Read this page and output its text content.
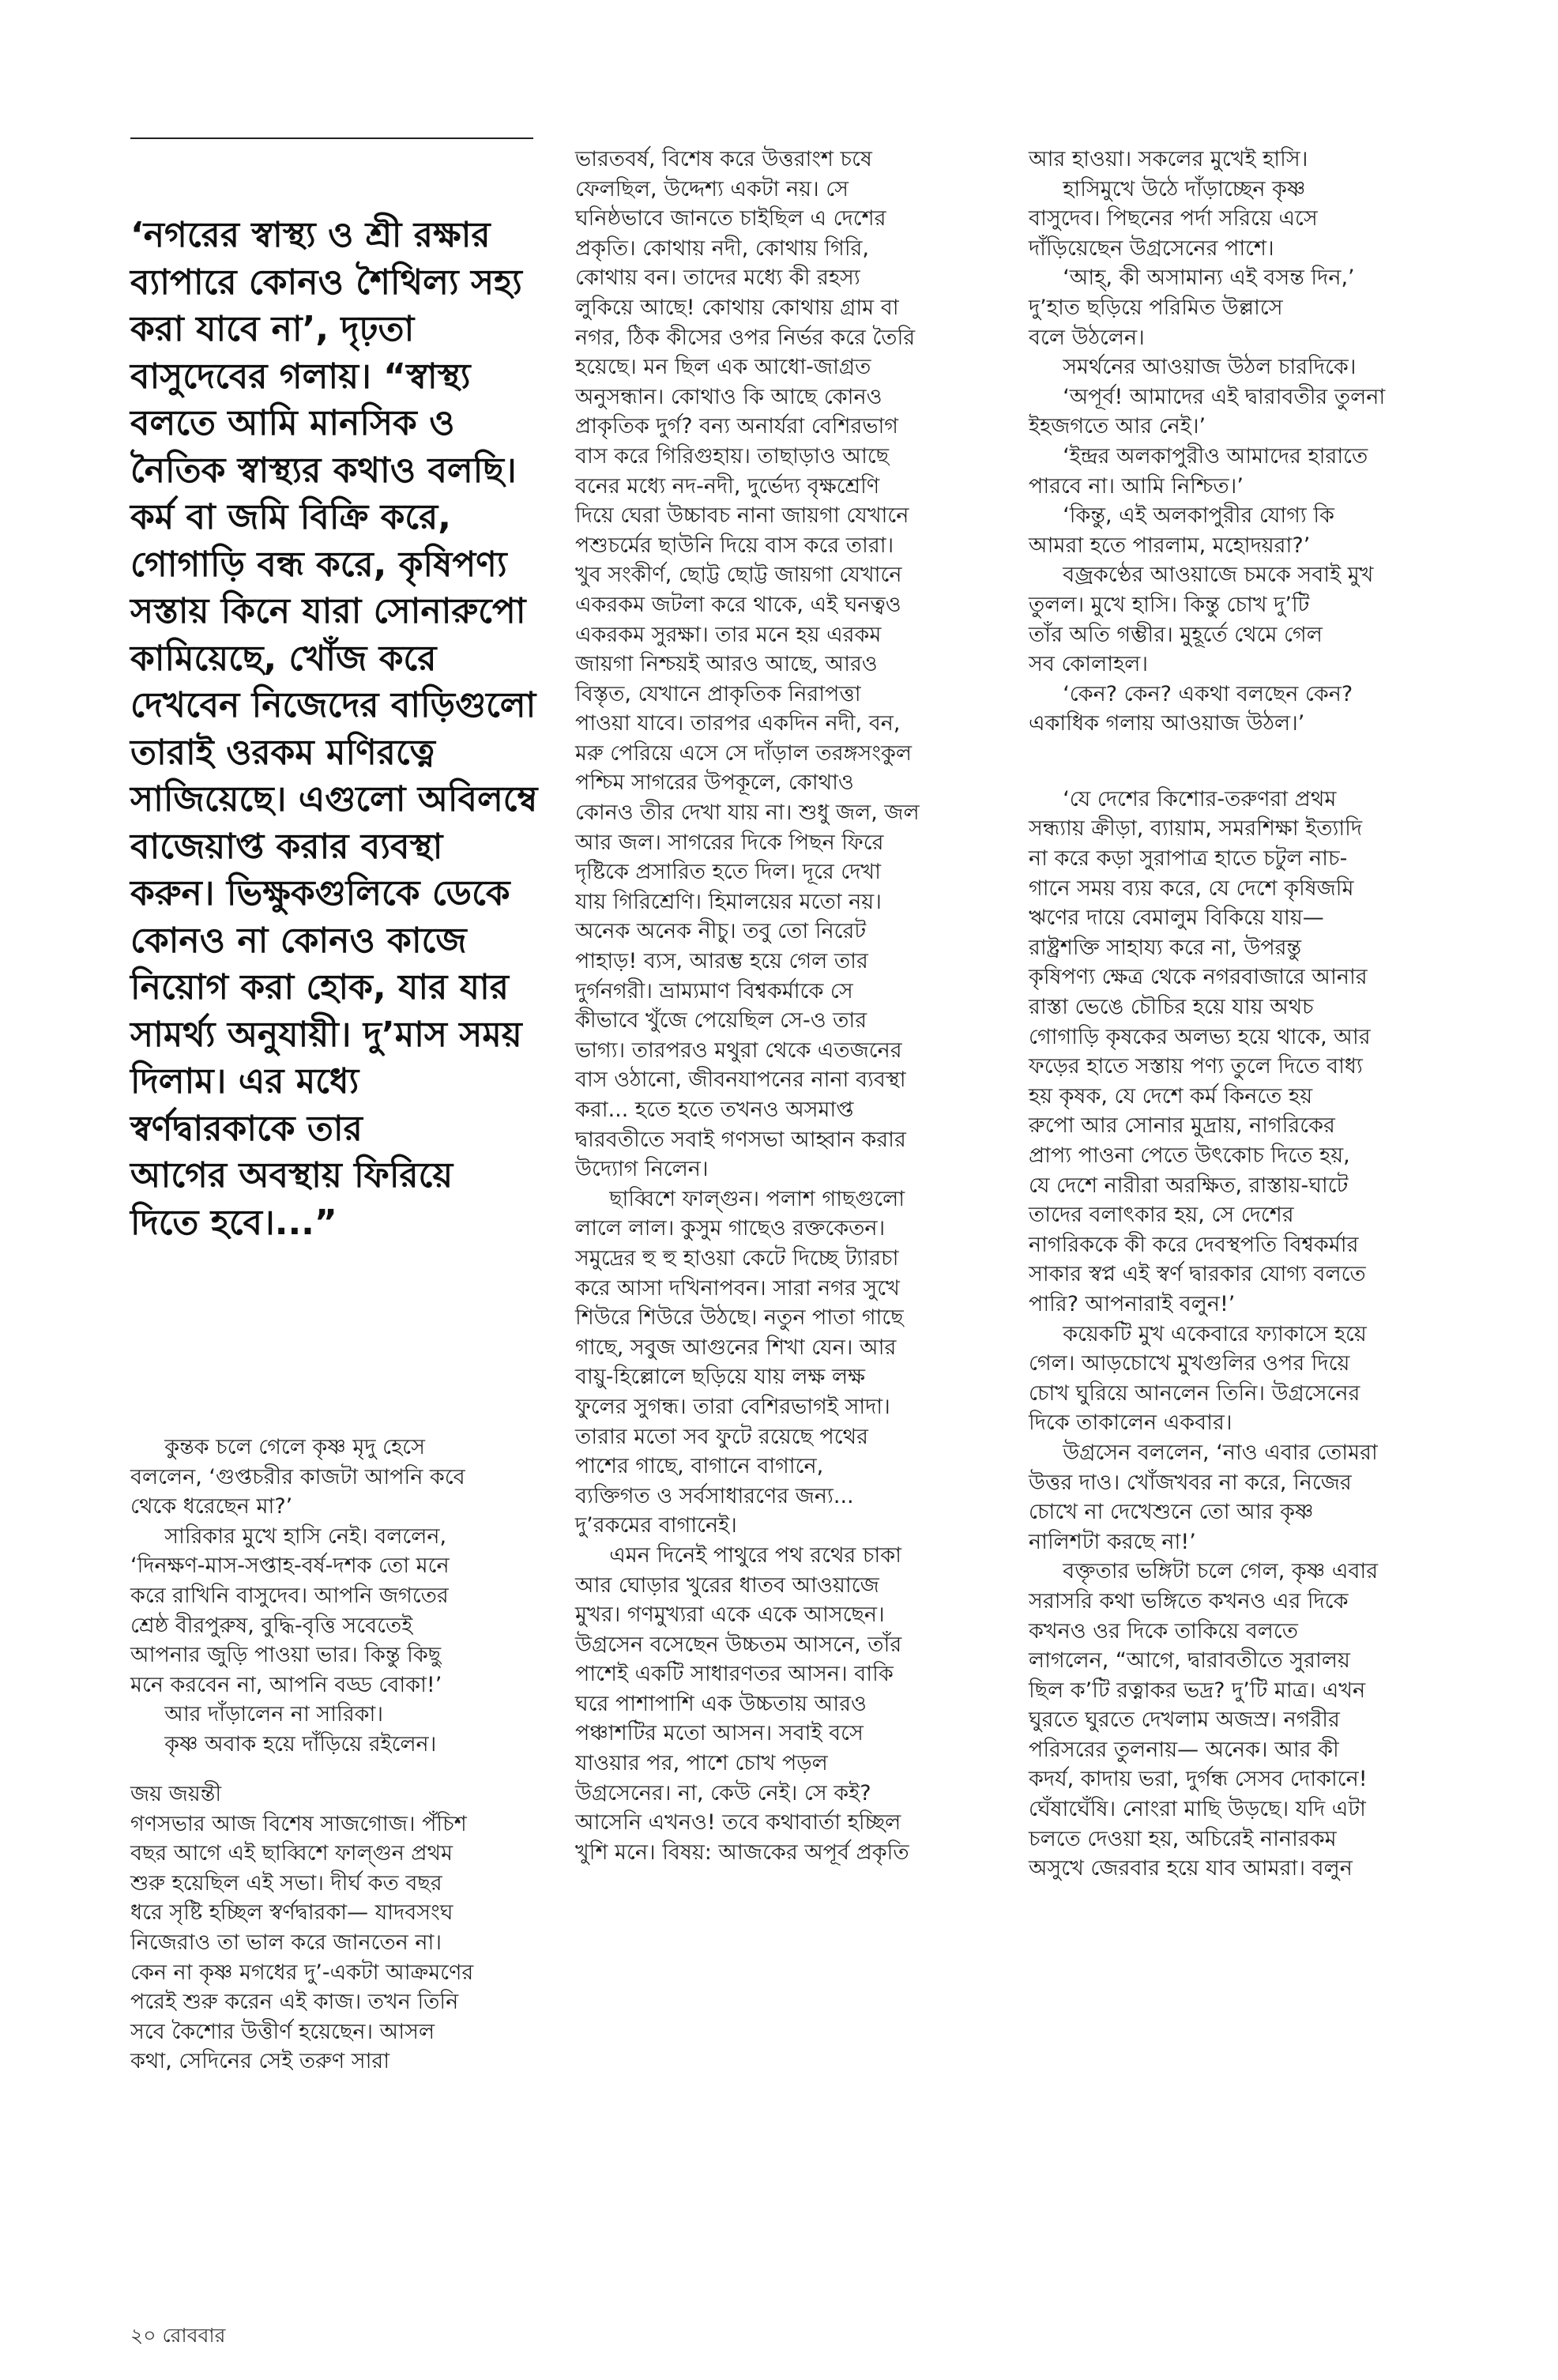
‘নগরের স্বাস্থ্য ও শ্রী রক্ষার
ব্যাপারে কোনও শৈথিল্য সহ্য
করা যাবে না’, দৃঢ়তা
বাসুদেবের গলায়। “স্বাস্থ্য
বলতে আমি মানসিক ও
নৈতিক স্বাস্থ্যর কথাও বলছি।
কর্ম বা জমি বিক্রি করে,
গোগাড়ি বন্ধ করে, কৃষিপণ্য
সস্তায় কিনে যারা সোনারুপো
কামিয়েছে, খোঁজ করে
দেখবেন নিজেদের বাড়িগুলো
তারাই ওরকম মণিরত্নে
সাজিয়েছে। এগুলো অবিলম্বে
বাজেয়াপ্ত করার ব্যবস্থা
করুন। ভিক্ষুকগুলিকে ডেকে
কোনও না কোনও কাজে
নিয়োগ করা হোক, যার যার
সামর্থ্য অনুযায়ী। দু’মাস সময়
দিলাম। এর মধ্যে
স্বর্ণদ্বারকাকে তার
আগের অবস্থায় ফিরিয়ে
দিতে হবে।...”

কুন্তক চলে গেলে কৃষ্ণ মৃদু হেসে
বললেন, ‘গুপ্তচরীর কাজটা আপনি কবে
থেকে ধরেছেন মা?’

সারিকার মুখে হাসি নেই। বললেন,
‘দিনক্ষণ-মাস-সপ্তাহ-বর্ষ-দশক তো মনে
করে রাখিনি বাসুদেব। আপনি জগতের
শ্রেষ্ঠ বীরপুরুষ, বুদ্ধি-বৃত্তি সবেতেই
আপনার জুড়ি পাওয়া ভার। কিন্তু কিছু
মনে করবেন না, আপনি বড্ড বোকা!’

আর দাঁড়ালেন না সারিকা।

কৃষ্ণ অবাক হয়ে দাঁড়িয়ে রইলেন।

জয় জয়ন্তী

গণসভার আজ বিশেষ সাজগোজ। পঁচিশ
বছর আগে এই ছাব্বিশে ফাল্গুন প্রথম
শুরু হয়েছিল এই সভা। দীর্ঘ কত বছর
ধরে সৃষ্টি হচ্ছিল স্বর্ণদ্বারকা— যাদবসংঘ
নিজেরাও তা ভাল করে জানতেন না।
কেন না কৃষ্ণ মগধের দু’-একটা আক্রমণের
পরেই শুরু করেন এই কাজ। তখন তিনি
সবে কৈশোর উত্তীর্ণ হয়েছেন। আসল
কথা, সেদিনের সেই তরুণ সারা

ভারতবর্ষ, বিশেষ করে উত্তরাংশ চষে
ফেলছিল, উদ্দেশ্য একটা নয়। সে
ঘনিষ্ঠভাবে জানতে চাইছিল এ দেশের
প্রকৃতি। কোথায় নদী, কোথায় গিরি,
কোথায় বন। তাদের মধ্যে কী রহস্য
লুকিয়ে আছে! কোথায় কোথায় গ্রাম বা
নগর, ঠিক কীসের ওপর নির্ভর করে তৈরি
হয়েছে। মন ছিল এক আধো-জাগ্রত
অনুসন্ধান। কোথাও কি আছে কোনও
প্রাকৃতিক দুর্গ? বন্য অনার্যরা বেশিরভাগ
বাস করে গিরিগুহায়। তাছাড়াও আছে
বনের মধ্যে নদ-নদী, দুর্ভেদ্য বৃক্ষশ্রেণি
দিয়ে ঘেরা উচ্চাবচ নানা জায়গা যেখানে
পশুচর্মের ছাউনি দিয়ে বাস করে তারা।
খুব সংকীর্ণ, ছোট্ট ছোট্ট জায়গা যেখানে
একরকম জটলা করে থাকে, এই ঘনত্বও
একরকম সুরক্ষা। তার মনে হয় এরকম
জায়গা নিশ্চয়ই আরও আছে, আরও
বিস্তৃত, যেখানে প্রাকৃতিক নিরাপত্তা
পাওয়া যাবে। তারপর একদিন নদী, বন,
মরু পেরিয়ে এসে সে দাঁড়াল তরঙ্গসংকুল
পশ্চিম সাগরের উপকূলে, কোথাও
কোনও তীর দেখা যায় না। শুধু জল, জল
আর জল। সাগরের দিকে পিছন ফিরে
দৃষ্টিকে প্রসারিত হতে দিল। দূরে দেখা
যায় গিরিশ্রেণি। হিমালয়ের মতো নয়।
অনেক অনেক নীচু। তবু তো নিরেট
পাহাড়! ব্যস, আরম্ভ হয়ে গেল তার
দুর্গনগরী। ভ্রাম্যমাণ বিশ্বকর্মাকে সে
কীভাবে খুঁজে পেয়েছিল সে-ও তার
ভাগ্য। তারপরও মথুরা থেকে এতজনের
বাস ওঠানো, জীবনযাপনের নানা ব্যবস্থা
করা... হতে হতে তখনও অসমাপ্ত
দ্বারবতীতে সবাই গণসভা আহ্বান করার
উদ্যোগ নিলেন।

ছাব্বিশে ফাল্গুন। পলাশ গাছগুলো
লালে লাল। কুসুম গাছেও রক্তকেতন।
সমুদ্রের হু হু হাওয়া কেটে দিচ্ছে ট্যারচা
করে আসা দখিনাপবন। সারা নগর সুখে
শিউরে শিউরে উঠছে। নতুন পাতা গাছে
গাছে, সবুজ আগুনের শিখা যেন। আর
বায়ু-হিল্লোলে ছড়িয়ে যায় লক্ষ লক্ষ
ফুলের সুগন্ধ। তারা বেশিরভাগই সাদা।
তারার মতো সব ফুটে রয়েছে পথের
পাশের গাছে, বাগানে বাগানে,
ব্যক্তিগত ও সর্বসাধারণের জন্য...
দু’রকমের বাগানেই।

এমন দিনেই পাথুরে পথ রথের চাকা
আর ঘোড়ার খুরের ধাতব আওয়াজে
মুখর। গণমুখ্যরা একে একে আসছেন।
উগ্রসেন বসেছেন উচ্চতম আসনে, তাঁর
পাশেই একটি সাধারণতর আসন। বাকি
ঘরে পাশাপাশি এক উচ্চতায় আরও
পঞ্চাশটির মতো আসন। সবাই বসে
যাওয়ার পর, পাশে চোখ পড়ল
উগ্রসেনের। না, কেউ নেই। সে কই?
আসেনি এখনও! তবে কথাবার্তা হচ্ছিল
খুশি মনে। বিষয়: আজকের অপূর্ব প্রকৃতি

আর হাওয়া। সকলের মুখেই হাসি।

হাসিমুখে উঠে দাঁড়াচ্ছেন কৃষ্ণ
বাসুদেব। পিছনের পর্দা সরিয়ে এসে
দাঁড়িয়েছেন উগ্রসেনের পাশে।

‘আহ্‌, কী অসামান্য এই বসন্ত দিন,’
দু’হাত ছড়িয়ে পরিমিত উল্লাসে
বলে উঠলেন।

সমর্থনের আওয়াজ উঠল চারদিকে।

‘অপূর্ব! আমাদের এই দ্বারাবতীর তুলনা
ইহজগতে আর নেই।’

‘ইন্দ্রর অলকাপুরীও আমাদের হারাতে
পারবে না। আমি নিশ্চিত।’

‘কিন্তু, এই অলকাপুরীর যোগ্য কি
আমরা হতে পারলাম, মহোদয়রা?’

বজ্রকণ্ঠের আওয়াজে চমকে সবাই মুখ
তুলল। মুখে হাসি। কিন্তু চোখ দু’টি
তাঁর অতি গম্ভীর। মুহূর্তে থেমে গেল
সব কোলাহল।

‘কেন? কেন? একথা বলছেন কেন?
একাধিক গলায় আওয়াজ উঠল।’

‘যে দেশের কিশোর-তরুণরা প্রথম
সন্ধ্যায় ক্রীড়া, ব্যায়াম, সমরশিক্ষা ইত্যাদি
না করে কড়া সুরাপাত্র হাতে চটুল নাচ-
গানে সময় ব্যয় করে, যে দেশে কৃষিজমি
ঋণের দায়ে বেমালুম বিকিয়ে যায়—
রাষ্ট্রশক্তি সাহায্য করে না, উপরন্তু
কৃষিপণ্য ক্ষেত্র থেকে নগরবাজারে আনার
রাস্তা ভেঙে চৌচির হয়ে যায় অথচ
গোগাড়ি কৃষকের অলভ্য হয়ে থাকে, আর
ফড়ের হাতে সস্তায় পণ্য তুলে দিতে বাধ্য
হয় কৃষক, যে দেশে কর্ম কিনতে হয়
রুপো আর সোনার মুদ্রায়, নাগরিকের
প্রাপ্য পাওনা পেতে উৎকোচ দিতে হয়,
যে দেশে নারীরা অরক্ষিত, রাস্তায়-ঘাটে
তাদের বলাৎকার হয়, সে দেশের
নাগরিককে কী করে দেবস্থপতি বিশ্বকর্মার
সাকার স্বপ্ন এই স্বর্ণ দ্বারকার যোগ্য বলতে
পারি? আপনারাই বলুন!’

কয়েকটি মুখ একেবারে ফ্যাকাসে হয়ে
গেল। আড়চোখে মুখগুলির ওপর দিয়ে
চোখ ঘুরিয়ে আনলেন তিনি। উগ্রসেনের
দিকে তাকালেন একবার।

উগ্রসেন বললেন, ‘নাও এবার তোমরা
উত্তর দাও। খোঁজখবর না করে, নিজের
চোখে না দেখেশুনে তো আর কৃষ্ণ
নালিশটা করছে না!’

বক্তৃতার ভঙ্গিটা চলে গেল, কৃষ্ণ এবার
সরাসরি কথা ভঙ্গিতে কখনও এর দিকে
কখনও ওর দিকে তাকিয়ে বলতে
লাগলেন, “আগে, দ্বারাবতীতে সুরালয়
ছিল ক’টি রত্নাকর ভদ্র? দু’টি মাত্র। এখন
ঘুরতে ঘুরতে দেখলাম অজস্র। নগরীর
পরিসরের তুলনায়— অনেক। আর কী
কদর্য, কাদায় ভরা, দুর্গন্ধ সেসব দোকানে!
ঘেঁষাঘেঁষি। নোংরা মাছি উড়ছে। যদি এটা
চলতে দেওয়া হয়, অচিরেই নানারকম
অসুখে জেরবার হয়ে যাব আমরা। বলুন

২০ রোববার
